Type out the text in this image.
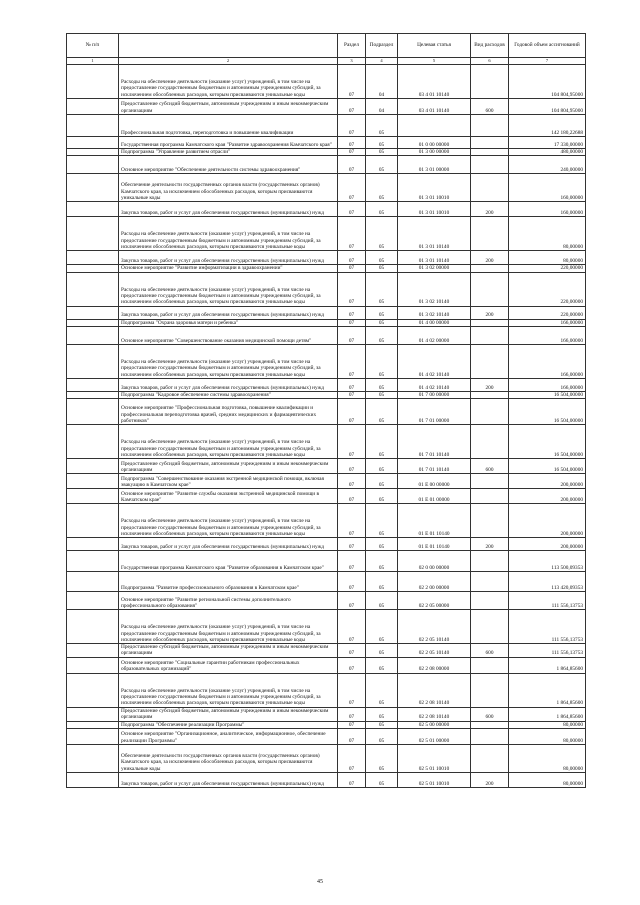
№ п/п		Раздел	Подраздел	Целевая статья	Вид расходов	Годовой объем ассигнований
1	2	3	4	5	6	7
	Расходы на обеспечение деятельности (оказание услуг) учреждений, в том числе на предоставление государственным бюджетным и автономным учреждениям субсидий, за исключением обособленных расходов, которым присваиваются уникальные коды	07	04	03 4 01 10140		104 804,95000
	Предоставление субсидий бюджетным, автономным учреждениям и иным некоммерческим организациям	07	04	03 4 01 10140	600	104 804,95000
	Профессиональная подготовка, переподготовка и повышение квалификации	07	05			142 180,22688
	Государственная программа Камчатского края "Развитие здравоохранения Камчатского края"	07	05	01 0 00 00000		17 330,00000
	Подпрограмма "Управление развитием отрасли"	07	05	01 3 00 00000		480,00000
	Основное мероприятие "Обеспечение деятельности системы здравоохранения"	07	05	01 3 01 00000		240,00000
	Обеспечение деятельности государственных органов власти (государственных органов) Камчатского края, за исключением обособленных расходов, которым присваиваются уникальные коды	07	05	01 3 01 10010		160,00000
	Закупка товаров, работ и услуг для обеспечения государственных (муниципальных) нужд	07	05	01 3 01 10010	200	160,00000
	Расходы на обеспечение деятельности (оказание услуг) учреждений, в том числе на предоставление государственным бюджетным и автономным учреждениям субсидий, за исключением обособленных расходов, которым присваиваются уникальные коды	07	05	01 3 01 10140		80,00000
	Закупка товаров, работ и услуг для обеспечения государственных (муниципальных) нужд	07	05	01 3 01 10140	200	80,00000
	Основное мероприятие "Развитие информатизации в здравоохранении"	07	05	01 3 02 00000		220,00000
	Расходы на обеспечение деятельности (оказание услуг) учреждений, в том числе на предоставление государственным бюджетным и автономным учреждениям субсидий, за исключением обособленных расходов, которым присваиваются уникальные коды	07	05	01 3 02 10140		220,00000
	Закупка товаров, работ и услуг для обеспечения государственных (муниципальных) нужд	07	05	01 3 02 10140	200	220,00000
	Подпрограмма "Охрана здоровья матери и ребенка"	07	05	01 4 00 00000		166,00000
	Основное мероприятие "Совершенствование оказания медицинской помощи детям"	07	05	01 4 02 00000		166,00000
	Расходы на обеспечение деятельности (оказание услуг) учреждений, в том числе на предоставление государственным бюджетным и автономным учреждениям субсидий, за исключением обособленных расходов, которым присваиваются уникальные коды	07	05	01 4 02 10140		166,00000
	Закупка товаров, работ и услуг для обеспечения государственных (муниципальных) нужд	07	05	01 4 02 10140	200	166,00000
	Подпрограмма "Кадровое обеспечение системы здравоохранения"	07	05	01 7 00 00000		16 504,00000
	Основное мероприятие "Профессиональная подготовка, повышение квалификации и профессиональная переподготовка врачей, средних медицинских и фармацевтических работников"	07	05	01 7 01 00000		16 504,00000
	Расходы на обеспечение деятельности (оказание услуг) учреждений, в том числе на предоставление государственным бюджетным и автономным учреждениям субсидий, за исключением обособленных расходов, которым присваиваются уникальные коды	07	05	01 7 01 10140		16 504,00000
	Предоставление субсидий бюджетным, автономным учреждениям и иным некоммерческим организациям	07	05	01 7 01 10140	600	16 504,00000
	Подпрограмма "Совершенствование оказания экстренной медицинской помощи, включая эвакуацию в Камчатском крае"	07	05	01 Е 00 00000		200,00000
	Основное мероприятие "Развитие службы оказания экстренной медицинской помощи в Камчатском крае"	07	05	01 Е 01 00000		200,00000
	Расходы на обеспечение деятельности (оказание услуг) учреждений, в том числе на предоставление государственным бюджетным и автономным учреждениям субсидий, за исключением обособленных расходов, которым присваиваются уникальные коды	07	05	01 Е 01 10140		200,00000
	Закупка товаров, работ и услуг для обеспечения государственных (муниципальных) нужд	07	05	01 Е 01 10140	200	200,00000
	Государственная программа Камчатского края "Развитие образования в Камчатском крае"	07	05	02 0 00 00000		113 500,09353
	Подпрограмма "Развитие профессионального образования в Камчатском крае"	07	05	02 2 00 00000		113 420,09353
	Основное мероприятие "Развитие региональной системы дополнительного профессионального образования"	07	05	02 2 05 00000		111 556,13753
	Расходы на обеспечение деятельности (оказание услуг) учреждений, в том числе на предоставление государственным бюджетным и автономным учреждениям субсидий, за исключением обособленных расходов, которым присваиваются уникальные коды	07	05	02 2 05 10140		111 556,13753
	Предоставление субсидий бюджетным, автономным учреждениям и иным некоммерческим организациям	07	05	02 2 05 10140	600	111 556,13753
	Основное мероприятие "Социальные гарантии работникам профессиональных образовательных организаций"	07	05	02 2 08 00000		1 864,85600
	Расходы на обеспечение деятельности (оказание услуг) учреждений, в том числе на предоставление государственным бюджетным и автономным учреждениям субсидий, за исключением обособленных расходов, которым присваиваются уникальные коды	07	05	02 2 08 10140		1 864,85600
	Предоставление субсидий бюджетным, автономным учреждениям и иным некоммерческим организациям	07	05	02 2 08 10140	600	1 864,85600
	Подпрограмма "Обеспечение реализации Программы"	07	05	02 5 00 00000		80,00000
	Основное мероприятие "Организационное, аналитическое, информационное, обеспечение реализации Программы"	07	05	02 5 01 00000		80,00000
	Обеспечение деятельности государственных органов власти (государственных органов) Камчатского края, за исключением обособленных расходов, которым присваиваются уникальные коды	07	05	02 5 01 10010		80,00000
	Закупка товаров, работ и услуг для обеспечения государственных (муниципальных) нужд	07	05	02 5 01 10010	200	80,00000
45
